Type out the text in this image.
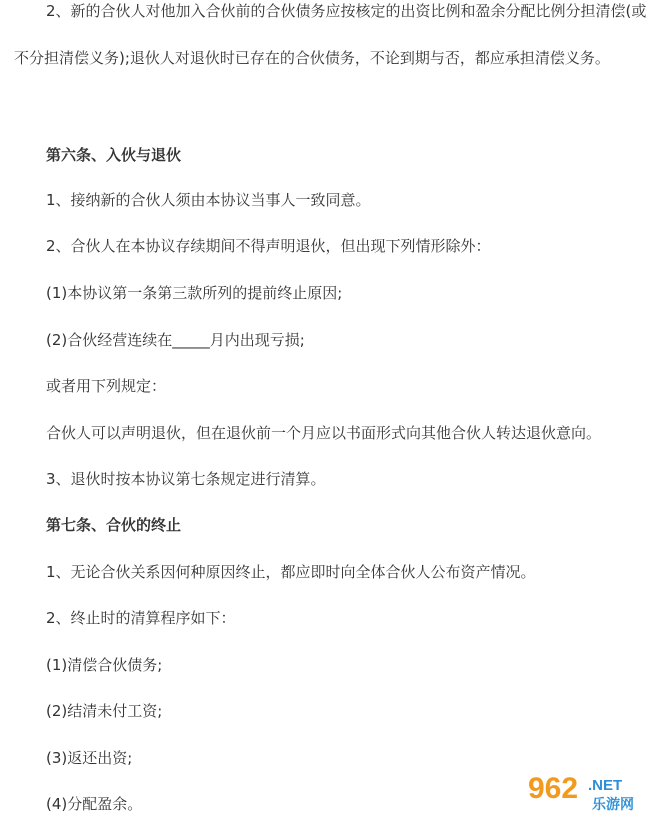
2、新的合伙人对他加入合伙前的合伙债务应按核定的出资比例和盈余分配比例分担清偿(或不分担清偿义务);退伙人对退伙时已存在的合伙债务，不论到期与否，都应承担清偿义务。

第六条、入伙与退伙

1、接纳新的合伙人须由本协议当事人一致同意。

2、合伙人在本协议存续期间不得声明退伙，但出现下列情形除外：

(1)本协议第一条第三款所列的提前终止原因;

(2)合伙经营连续在_____月内出现亏损;

或者用下列规定：

合伙人可以声明退伙，但在退伙前一个月应以书面形式向其他合伙人转达退伙意向。

3、退伙时按本协议第七条规定进行清算。

第七条、合伙的终止

1、无论合伙关系因何种原因终止，都应即时向全体合伙人公布资产情况。

2、终止时的清算程序如下：

(1)清偿合伙债务;

(2)结清未付工资;

(3)返还出资;

(4)分配盈余。	962 .NET
乐游网
